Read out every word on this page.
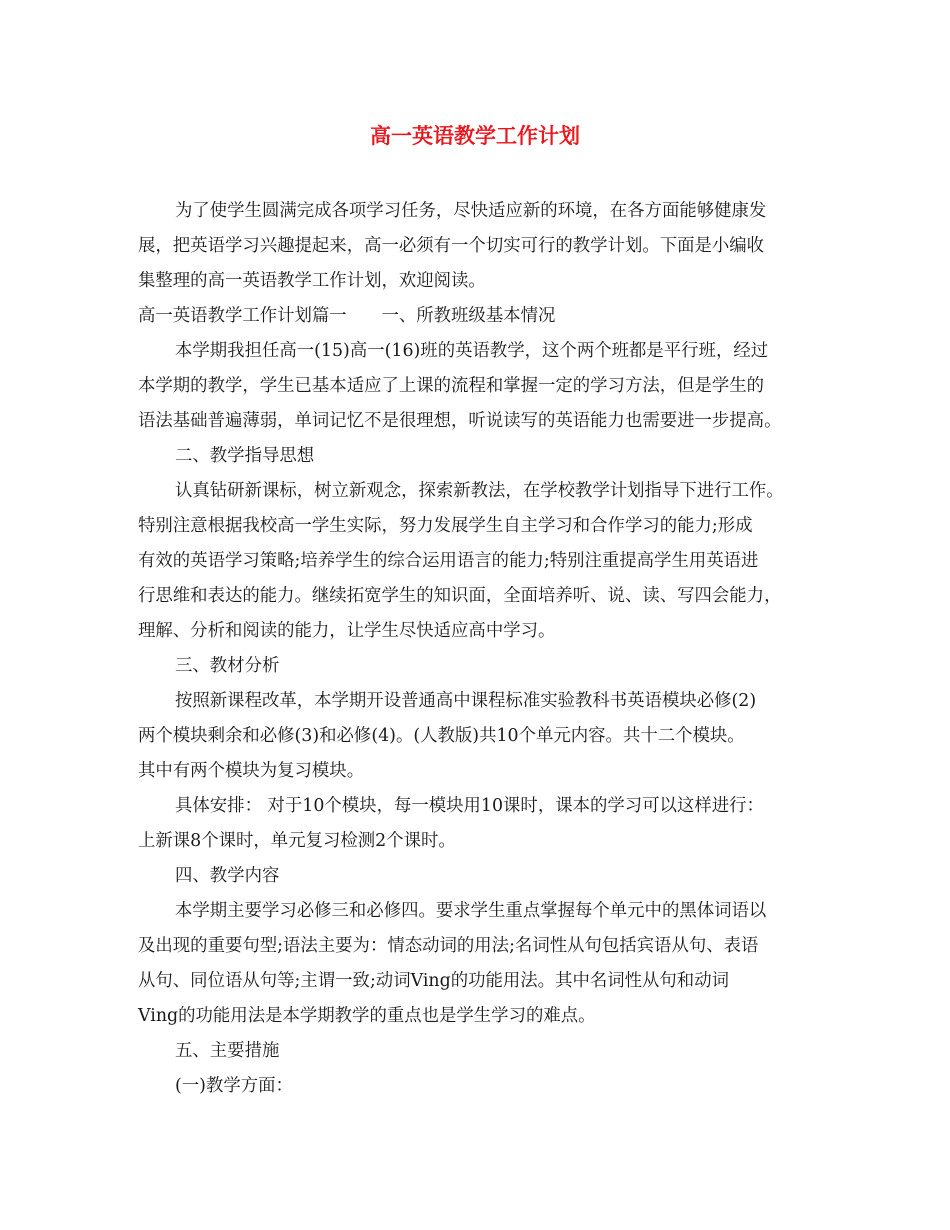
高一英语教学工作计划
为了使学生圆满完成各项学习任务，尽快适应新的环境，在各方面能够健康发
展，把英语学习兴趣提起来，高一必须有一个切实可行的教学计划。下面是小编收
集整理的高一英语教学工作计划，欢迎阅读。
高一英语教学工作计划篇一　　一、所教班级基本情况
本学期我担任高一(15)高一(16)班的英语教学，这个两个班都是平行班，经过
本学期的教学，学生已基本适应了上课的流程和掌握一定的学习方法，但是学生的
语法基础普遍薄弱，单词记忆不是很理想，听说读写的英语能力也需要进一步提高。
二、教学指导思想
认真钻研新课标，树立新观念，探索新教法，在学校教学计划指导下进行工作。
特别注意根据我校高一学生实际，努力发展学生自主学习和合作学习的能力;形成
有效的英语学习策略;培养学生的综合运用语言的能力;特别注重提高学生用英语进
行思维和表达的能力。继续拓宽学生的知识面，全面培养听、说、读、写四会能力，
理解、分析和阅读的能力，让学生尽快适应高中学习。
三、教材分析
按照新课程改革，本学期开设普通高中课程标准实验教科书英语模块必修(2)
两个模块剩余和必修(3)和必修(4)。(人教版)共10个单元内容。共十二个模块。
其中有两个模块为复习模块。
具体安排： 对于10个模块，每一模块用10课时，课本的学习可以这样进行：
上新课8个课时，单元复习检测2个课时。
四、教学内容
本学期主要学习必修三和必修四。要求学生重点掌握每个单元中的黑体词语以
及出现的重要句型;语法主要为：情态动词的用法;名词性从句包括宾语从句、表语
从句、同位语从句等;主谓一致;动词Ving的功能用法。其中名词性从句和动词
Ving的功能用法是本学期教学的重点也是学生学习的难点。
五、主要措施
(一)教学方面：
